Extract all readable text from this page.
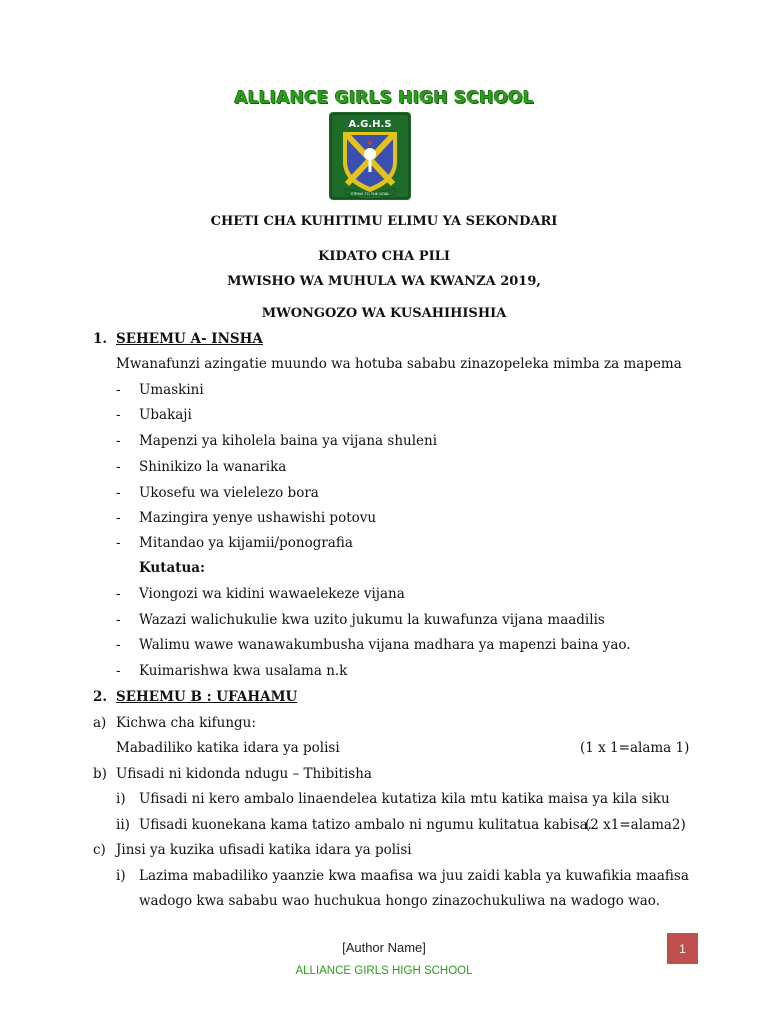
ALLIANCE GIRLS HIGH SCHOOL
A.G.H.S
STRIVE TO THE GOAL
CHETI CHA KUHITIMU ELIMU YA SEKONDARI
KIDATO CHA PILI
MWISHO WA MUHULA WA KWANZA 2019,
MWONGOZO WA KUSAHIHISHIA
1. SEHEMU A- INSHA
Mwanafunzi azingatie muundo wa hotuba sababu zinazopeleka mimba za mapema
- Umaskini
- Ubakaji
- Mapenzi ya kiholela baina ya vijana shuleni
- Shinikizo la wanarika
- Ukosefu wa vielelezo bora
- Mazingira yenye ushawishi potovu
- Mitandao ya kijamii/ponografia
Kutatua:
- Viongozi wa kidini wawaelekeze vijana
- Wazazi walichukulie kwa uzito jukumu la kuwafunza vijana maadilis
- Walimu wawe wanawakumbusha vijana madhara ya mapenzi baina yao.
- Kuimarishwa kwa usalama n.k
2. SEHEMU B : UFAHAMU
a) Kichwa cha kifungu:
Mabadiliko katika idara ya polisi	(1 x 1=alama 1)
b) Ufisadi ni kidonda ndugu – Thibitisha
i) Ufisadi ni kero ambalo linaendelea kutatiza kila mtu katika maisa ya kila siku
ii) Ufisadi kuonekana kama tatizo ambalo ni ngumu kulitatua kabisa.
(2 x1=alama2)
c) Jinsi ya kuzika ufisadi katika idara ya polisi
i) Lazima mabadiliko yaanzie kwa maafisa wa juu zaidi kabla ya kuwafikia maafisa
wadogo kwa sababu wao huchukua hongo zinazochukuliwa na wadogo wao.
[Author Name]	1
ALLIANCE GIRLS HIGH SCHOOL
